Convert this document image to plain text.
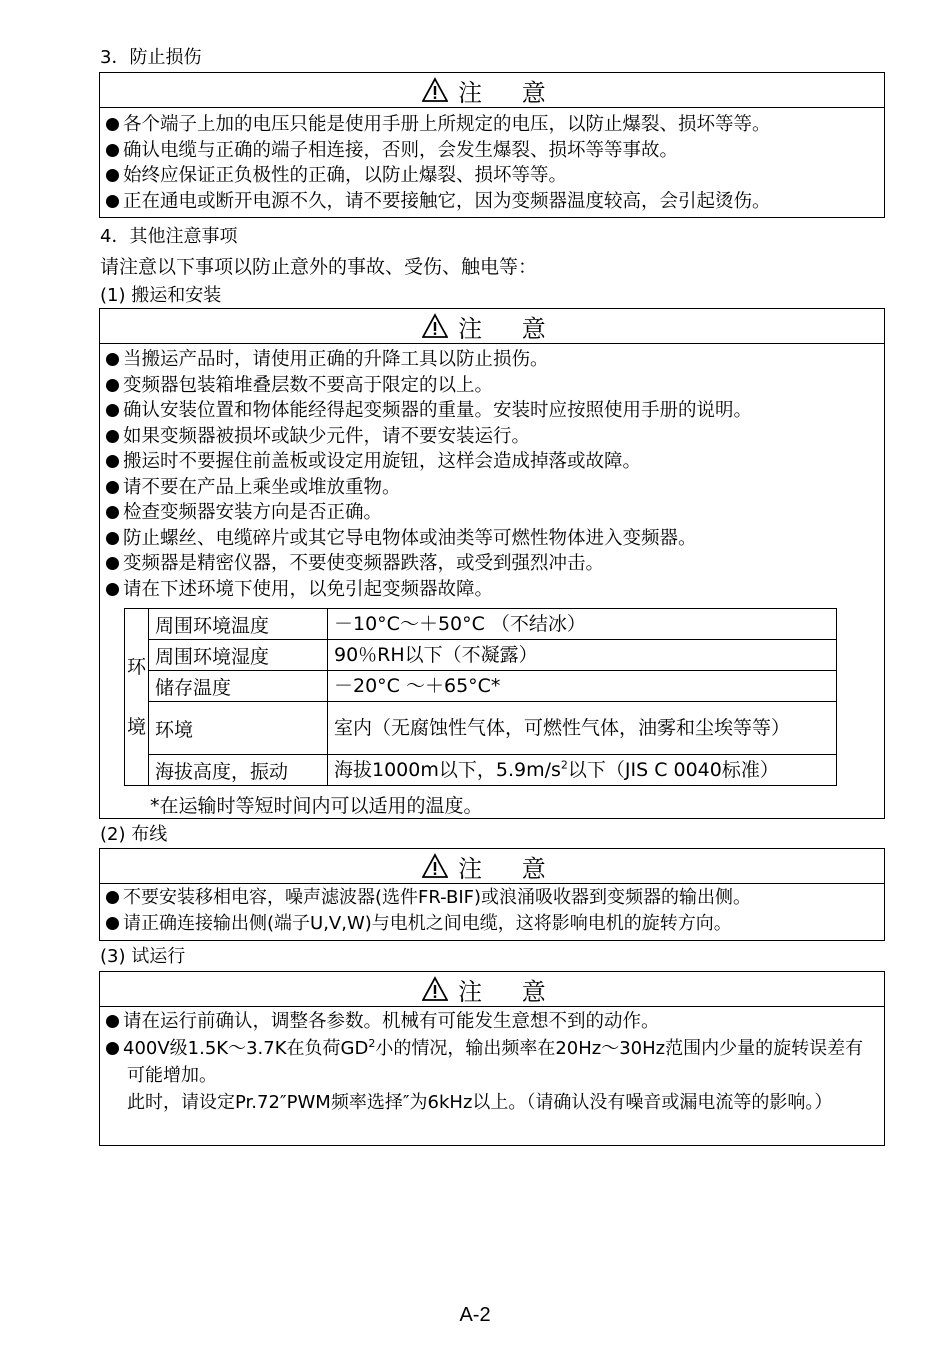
3．防止损伤
注 意
各个端子上加的电压只能是使用手册上所规定的电压，以防止爆裂、损坏等等。
确认电缆与正确的端子相连接，否则，会发生爆裂、损坏等等事故。
始终应保证正负极性的正确，以防止爆裂、损坏等等。
正在通电或断开电源不久，请不要接触它，因为变频器温度较高，会引起烫伤。
4．其他注意事项
请注意以下事项以防止意外的事故、受伤、触电等：
(1) 搬运和安装
注 意
当搬运产品时，请使用正确的升降工具以防止损伤。
变频器包装箱堆叠层数不要高于限定的以上。
确认安装位置和物体能经得起变频器的重量。安装时应按照使用手册的说明。
如果变频器被损坏或缺少元件，请不要安装运行。
搬运时不要握住前盖板或设定用旋钮，这样会造成掉落或故障。
请不要在产品上乘坐或堆放重物。
检查变频器安装方向是否正确。
防止螺丝、电缆碎片或其它导电物体或油类等可燃性物体进入变频器。
变频器是精密仪器，不要使变频器跌落，或受到强烈冲击。
请在下述环境下使用，以免引起变频器故障。
环境	周围环境温度	－10°C～＋50°C （不结冰）
	周围环境湿度	90％RH以下（不凝露）
	储存温度	－20°C ～＋65°C*
	环境	室内（无腐蚀性气体，可燃性气体，油雾和尘埃等等）
	海拔高度，振动	海拔1000m以下，$5.9m/s^2$以下（JIS C 0040标准）
*在运输时等短时间内可以适用的温度。
(2) 布线
注 意
不要安装移相电容，噪声滤波器(选件FR-BIF)或浪涌吸收器到变频器的输出侧。
请正确连接输出侧(端子U,V,W)与电机之间电缆，这将影响电机的旋转方向。
(3) 试运行
注 意
请在运行前确认，调整各参数。机械有可能发生意想不到的动作。
400V级1.5K～3.7K在负荷$GD^2$小的情况，输出频率在20Hz～30Hz范围内少量的旋转误差有可能增加。
此时，请设定Pr.72″PWM频率选择″为6kHz以上。（请确认没有噪音或漏电流等的影响。）
A-2
